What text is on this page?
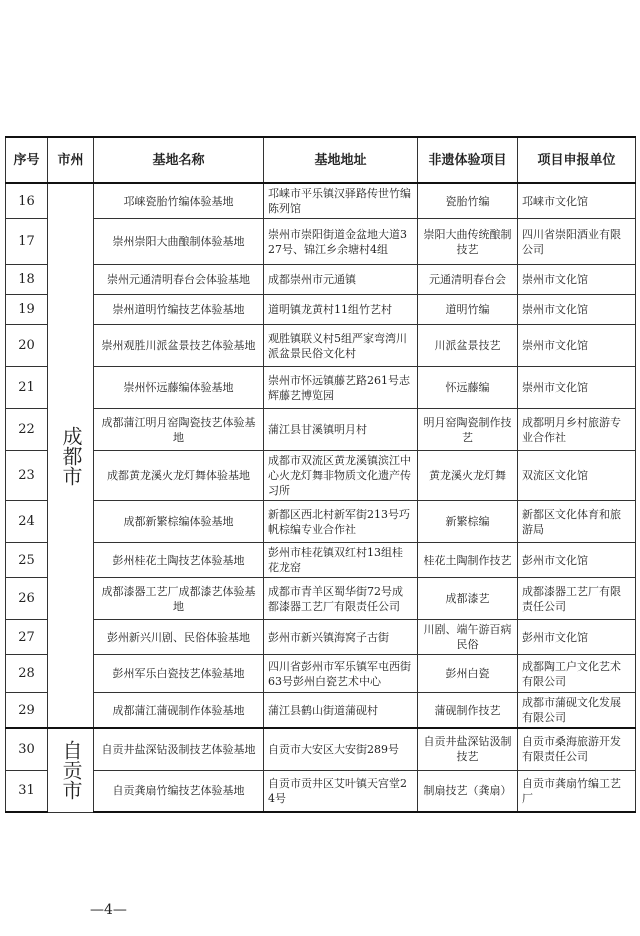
序号	市州	基地名称	基地地址	非遗体验项目	项目申报单位
16	成都市	邛崃瓷胎竹编体验基地	邛崃市平乐镇汉驿路传世竹编陈列馆	瓷胎竹编	邛崃市文化馆
17		崇州崇阳大曲酿制体验基地	崇州市崇阳街道金盆地大道327号、锦江乡余塘村4组	崇阳大曲传统酿制技艺	四川省崇阳酒业有限公司
18		崇州元通清明春台会体验基地	成都崇州市元通镇	元通清明春台会	崇州市文化馆
19		崇州道明竹编技艺体验基地	道明镇龙黄村11组竹艺村	道明竹编	崇州市文化馆
20		崇州观胜川派盆景技艺体验基地	观胜镇联义村5组严家弯湾川派盆景民俗文化村	川派盆景技艺	崇州市文化馆
21		崇州怀远藤编体验基地	崇州市怀远镇藤艺路261号志辉藤艺博览园	怀远藤编	崇州市文化馆
22		成都蒲江明月窑陶瓷技艺体验基地	蒲江县甘溪镇明月村	明月窑陶瓷制作技艺	成都明月乡村旅游专业合作社
23		成都黄龙溪火龙灯舞体验基地	成都市双流区黄龙溪镇滨江中心火龙灯舞非物质文化遗产传习所	黄龙溪火龙灯舞	双流区文化馆
24		成都新繁棕编体验基地	新都区西北村新军街213号巧帆棕编专业合作社	新繁棕编	新都区文化体育和旅游局
25		彭州桂花土陶技艺体验基地	彭州市桂花镇双红村13组桂花龙窑	桂花土陶制作技艺	彭州市文化馆
26		成都漆器工艺厂成都漆艺体验基地	成都市青羊区蜀华街72号成都漆器工艺厂有限责任公司	成都漆艺	成都漆器工艺厂有限责任公司
27		彭州新兴川剧、民俗体验基地	彭州市新兴镇海窝子古街	川剧、端午游百病民俗	彭州市文化馆
28		彭州军乐白瓷技艺体验基地	四川省彭州市军乐镇军屯西街63号彭州白瓷艺术中心	彭州白瓷	成都陶工户文化艺术有限公司
29		成都蒲江蒲砚制作体验基地	蒲江县鹤山街道蒲砚村	蒲砚制作技艺	成都市蒲砚文化发展有限公司
30	自贡市	自贡井盐深钻汲制技艺体验基地	自贡市大安区大安街289号	自贡井盐深钻汲制技艺	自贡市桑海旅游开发有限责任公司
31		自贡龚扇竹编技艺体验基地	自贡市贡井区艾叶镇天宫堂24号	制扇技艺（龚扇）	自贡市龚扇竹编工艺厂
—4—
